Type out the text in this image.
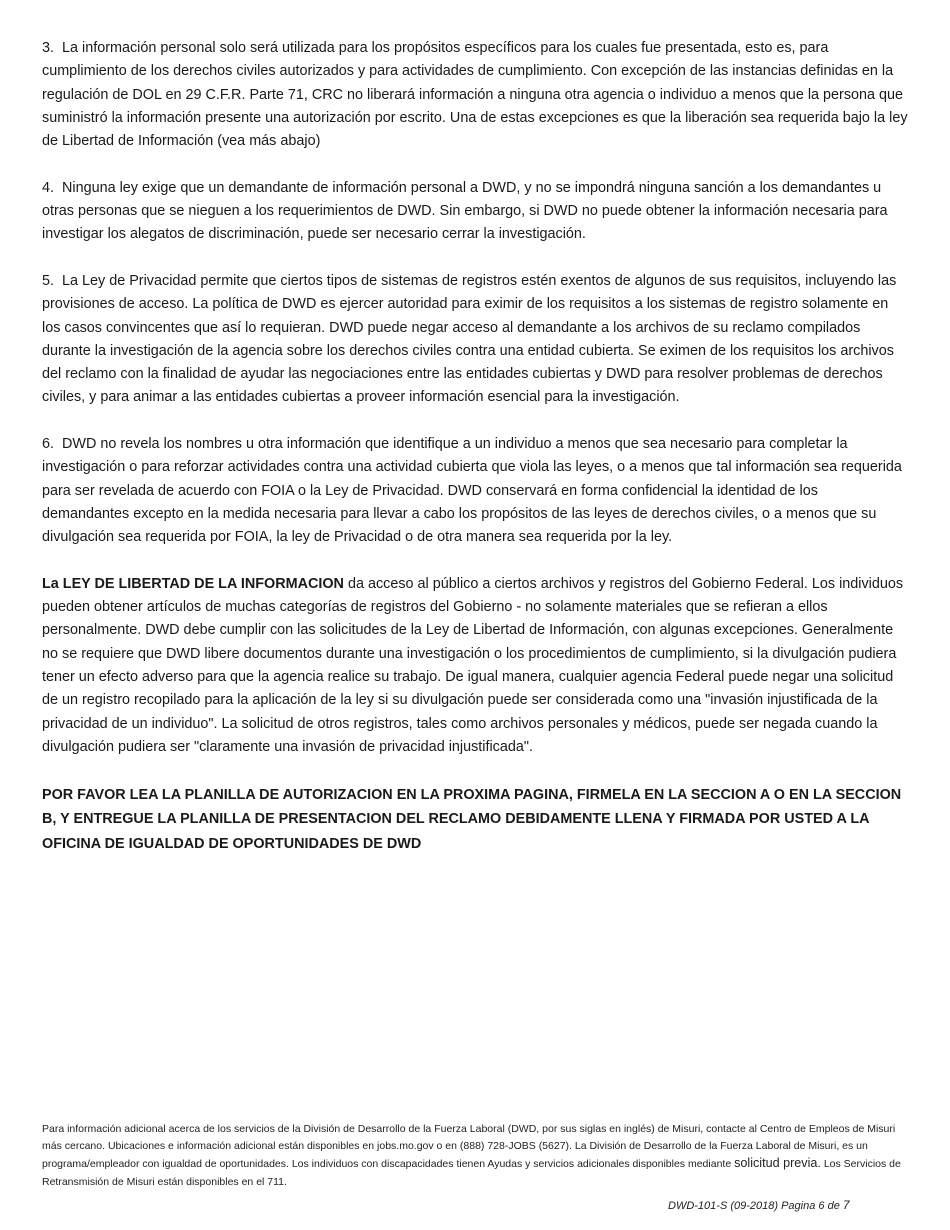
3. La información personal solo será utilizada para los propósitos específicos para los cuales fue presentada, esto es, para cumplimiento de los derechos civiles autorizados y para actividades de cumplimiento. Con excepción de las instancias definidas en la regulación de DOL en 29 C.F.R. Parte 71, CRC no liberará información a ninguna otra agencia o individuo a menos que la persona que suministró la información presente una autorización por escrito. Una de estas excepciones es que la liberación sea requerida bajo la ley de Libertad de Información (vea más abajo)

4. Ninguna ley exige que un demandante de información personal a DWD, y no se impondrá ninguna sanción a los demandantes u otras personas que se nieguen a los requerimientos de DWD. Sin embargo, si DWD no puede obtener la información necesaria para investigar los alegatos de discriminación, puede ser necesario cerrar la investigación.

5. La Ley de Privacidad permite que ciertos tipos de sistemas de registros estén exentos de algunos de sus requisitos, incluyendo las provisiones de acceso. La política de DWD es ejercer autoridad para eximir de los requisitos a los sistemas de registro solamente en los casos convincentes que así lo requieran. DWD puede negar acceso al demandante a los archivos de su reclamo compilados durante la investigación de la agencia sobre los derechos civiles contra una entidad cubierta. Se eximen de los requisitos los archivos del reclamo con la finalidad de ayudar las negociaciones entre las entidades cubiertas y DWD para resolver problemas de derechos civiles, y para animar a las entidades cubiertas a proveer información esencial para la investigación.

6. DWD no revela los nombres u otra información que identifique a un individuo a menos que sea necesario para completar la investigación o para reforzar actividades contra una actividad cubierta que viola las leyes, o a menos que tal información sea requerida para ser revelada de acuerdo con FOIA o la Ley de Privacidad. DWD conservará en forma confidencial la identidad de los demandantes excepto en la medida necesaria para llevar a cabo los propósitos de las leyes de derechos civiles, o a menos que su divulgación sea requerida por FOIA, la ley de Privacidad o de otra manera sea requerida por la ley.

La LEY DE LIBERTAD DE LA INFORMACION da acceso al público a ciertos archivos y registros del Gobierno Federal. Los individuos pueden obtener artículos de muchas categorías de registros del Gobierno - no solamente materiales que se refieran a ellos personalmente. DWD debe cumplir con las solicitudes de la Ley de Libertad de Información, con algunas excepciones. Generalmente no se requiere que DWD libere documentos durante una investigación o los procedimientos de cumplimiento, si la divulgación pudiera tener un efecto adverso para que la agencia realice su trabajo. De igual manera, cualquier agencia Federal puede negar una solicitud de un registro recopilado para la aplicación de la ley si su divulgación puede ser considerada como una "invasión injustificada de la privacidad de un individuo". La solicitud de otros registros, tales como archivos personales y médicos, puede ser negada cuando la divulgación pudiera ser "claramente una invasión de privacidad injustificada".

POR FAVOR LEA LA PLANILLA DE AUTORIZACION EN LA PROXIMA PAGINA, FIRMELA EN LA SECCION A O EN LA SECCION B, Y ENTREGUE LA PLANILLA DE PRESENTACION DEL RECLAMO DEBIDAMENTE LLENA Y FIRMADA POR USTED A LA OFICINA DE IGUALDAD DE OPORTUNIDADES DE DWD

Para información adicional acerca de los servicios de la División de Desarrollo de la Fuerza Laboral (DWD, por sus siglas en inglés) de Misuri, contacte al Centro de Empleos de Misuri más cercano. Ubicaciones e información adicional están disponibles en jobs.mo.gov o en (888) 728-JOBS (5627). La División de Desarrollo de la Fuerza Laboral de Misuri, es un programa/empleador con igualdad de oportunidades. Los individuos con discapacidades tienen Ayudas y servicios adicionales disponibles mediante solicitud previa. Los Servicios de Retransmisión de Misuri están disponibles en el 711.
DWD-101-S (09-2018) Pagina 6 de 7
